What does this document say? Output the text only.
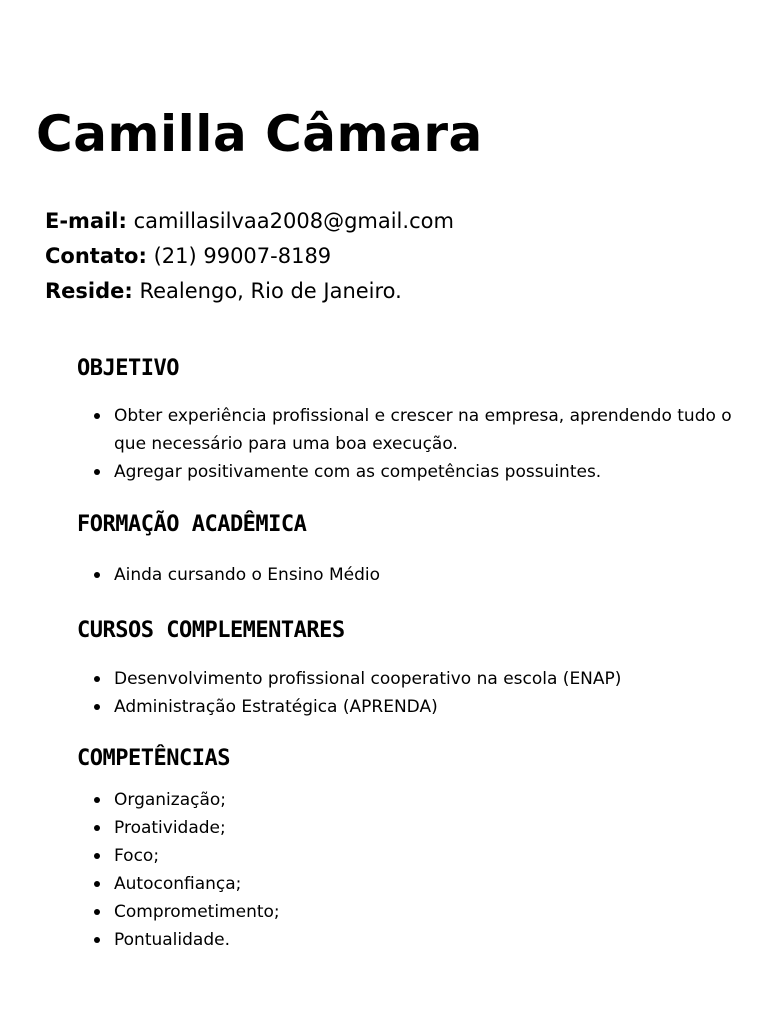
Camilla Câmara
E-mail: camillasilvaa2008@gmail.com
Contato: (21) 99007-8189
Reside: Realengo, Rio de Janeiro.
OBJETIVO
Obter experiência profissional e crescer na empresa, aprendendo tudo o que necessário para uma boa execução.
Agregar positivamente com as competências possuintes.
FORMAÇÃO ACADÊMICA
Ainda cursando o Ensino Médio
CURSOS COMPLEMENTARES
Desenvolvimento profissional cooperativo na escola (ENAP)
Administração Estratégica (APRENDA)
COMPETÊNCIAS
Organização;
Proatividade;
Foco;
Autoconfiança;
Comprometimento;
Pontualidade.
